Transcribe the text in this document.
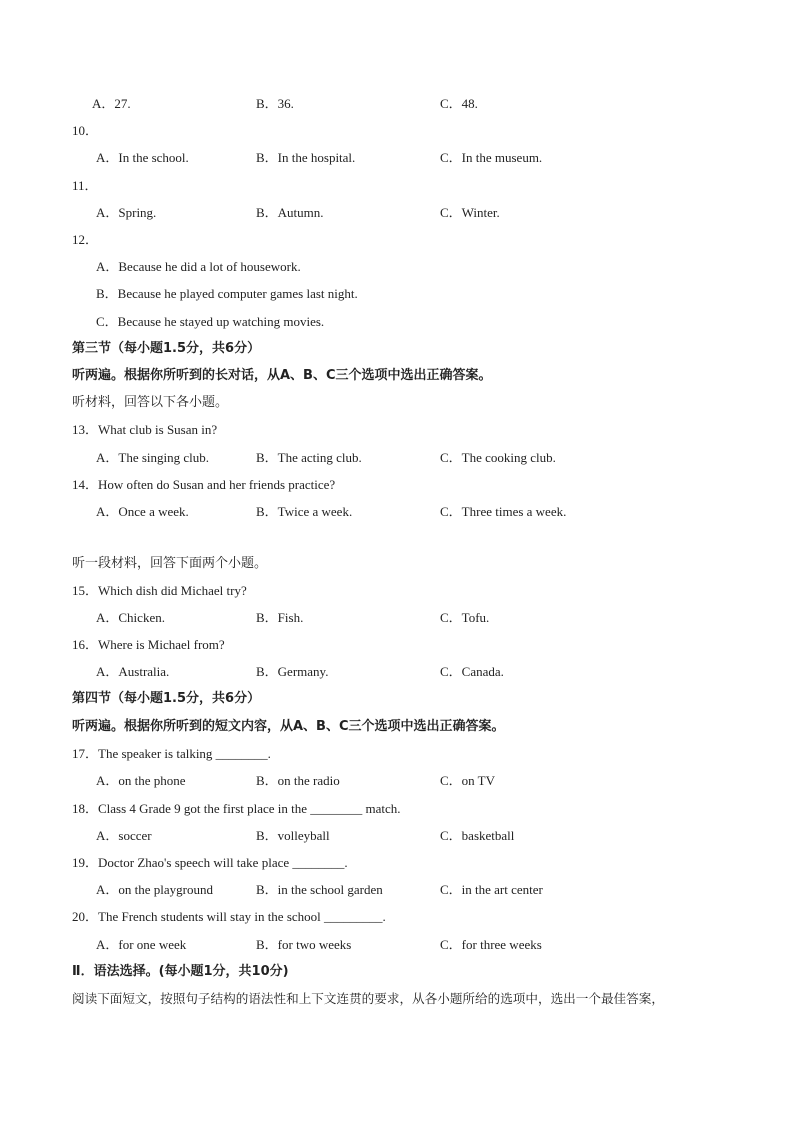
A．27.	B．36.	C．48.
10．
A．In the school.	B．In the hospital.	C．In the museum.
11．
A．Spring.	B．Autumn.	C．Winter.
12．
A．Because he did a lot of housework.
B．Because he played computer games last night.
C．Because he stayed up watching movies.
第三节（每小题1.5分，共6分）
听两遍。根据你所听到的长对话，从A、B、C三个选项中选出正确答案。
听材料，回答以下各小题。
13．What club is Susan in?
A．The singing club.	B．The acting club.	C．The cooking club.
14．How often do Susan and her friends practice?
A．Once a week.	B．Twice a week.	C．Three times a week.
听一段材料，回答下面两个小题。
15．Which dish did Michael try?
A．Chicken.	B．Fish.	C．Tofu.
16．Where is Michael from?
A．Australia.	B．Germany.	C．Canada.
第四节（每小题1.5分，共6分）
听两遍。根据你所听到的短文内容，从A、B、C三个选项中选出正确答案。
17．The speaker is talking ________.
A．on the phone	B．on the radio	C．on TV
18．Class 4 Grade 9 got the first place in the ________ match.
A．soccer	B．volleyball	C．basketball
19．Doctor Zhao's speech will take place ________.
A．on the playground	B．in the school garden	C．in the art center
20．The French students will stay in the school _________.
A．for one week	B．for two weeks	C．for three weeks
Ⅱ．语法选择。(每小题1分，共10分)
阅读下面短文，按照句子结构的语法性和上下文连贯的要求，从各小题所给的选项中，选出一个最佳答案，
